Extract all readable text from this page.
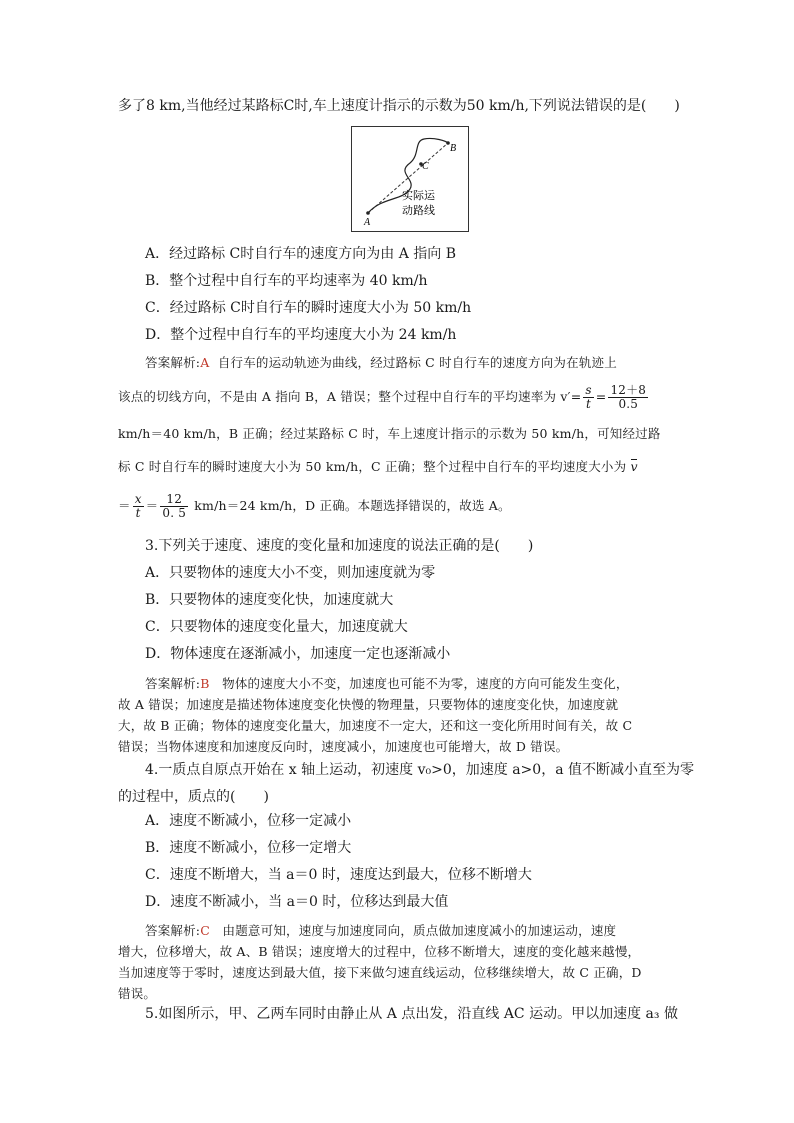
多了8 km,当他经过某路标C时,车上速度计指示的示数为50 km/h,下列说法错误的是(　　)
A
B
C
实际运
动路线
A．经过路标 C时自行车的速度方向为由 A 指向 B
B．整个过程中自行车的平均速率为 40 km/h
C．经过路标 C时自行车的瞬时速度大小为 50 km/h
D．整个过程中自行车的平均速度大小为 24 km/h
答案解析:A 自行车的运动轨迹为曲线，经过路标 C 时自行车的速度方向为在轨迹上
该点的切线方向，不是由 A 指向 B，A 错误；整个过程中自行车的平均速率为 $v'= \frac{s}{t} = \frac{12+8}{0.5}$
km/h＝40 km/h，B 正确；经过某路标 C 时，车上速度计指示的示数为 50 km/h，可知经过路
标 C 时自行车的瞬时速度大小为 50 km/h，C 正确；整个过程中自行车的平均速度大小为 v
＝ $\frac{x}{t} = \frac{12}{0. 5} km/h=24$ km/h，D 正确。本题选择错误的，故选 A。
3.下列关于速度、速度的变化量和加速度的说法正确的是(　　)
A．只要物体的速度大小不变，则加速度就为零
B．只要物体的速度变化快，加速度就大
C．只要物体的速度变化量大，加速度就大
D．物体速度在逐渐减小，加速度一定也逐渐减小
答案解析:B 物体的速度大小不变，加速度也可能不为零，速度的方向可能发生变化，
故 A 错误；加速度是描述物体速度变化快慢的物理量，只要物体的速度变化快，加速度就
大，故 B 正确；物体的速度变化量大，加速度不一定大，还和这一变化所用时间有关，故 C
错误；当物体速度和加速度反向时，速度减小，加速度也可能增大，故 D 错误。
4.一质点自原点开始在 x 轴上运动，初速度 v₀>0，加速度 a>0，a 值不断减小直至为零
的过程中，质点的(　　)
A．速度不断减小，位移一定减小
B．速度不断减小，位移一定增大
C．速度不断增大，当 a＝0 时，速度达到最大，位移不断增大
D．速度不断减小，当 a＝0 时，位移达到最大值
答案解析:C 由题意可知，速度与加速度同向，质点做加速度减小的加速运动，速度
增大，位移增大，故 A、B 错误；速度增大的过程中，位移不断增大，速度的变化越来越慢，
当加速度等于零时，速度达到最大值，接下来做匀速直线运动，位移继续增大，故 C 正确，D
错误。
5.如图所示，甲、乙两车同时由静止从 A 点出发，沿直线 AC 运动。甲以加速度 a₃ 做
